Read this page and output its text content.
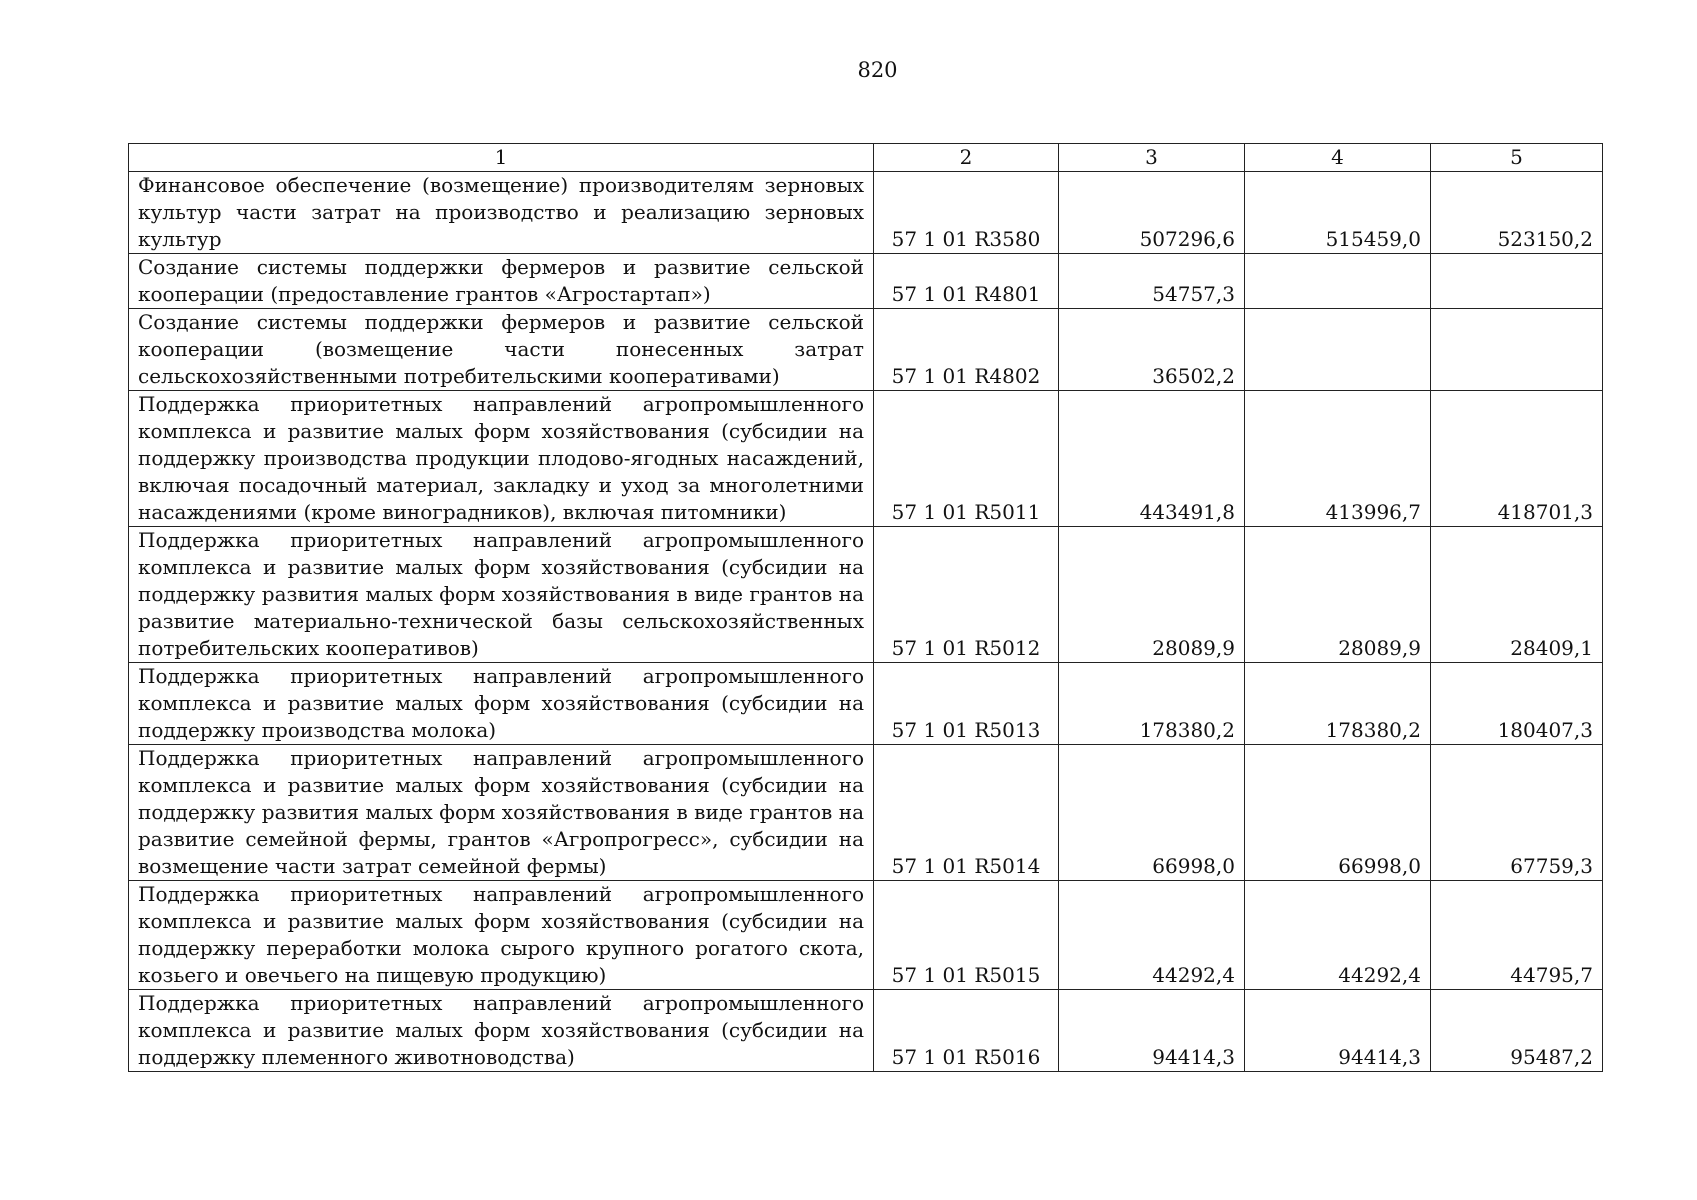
820
1	2	3	4	5
Финансовое обеспечение (возмещение) производителям зерновых культур части затрат на производство и реализацию зерновых культур	57 1 01 R3580	507296,6	515459,0	523150,2
Создание системы поддержки фермеров и развитие сельской кооперации (предоставление грантов «Агростартап»)	57 1 01 R4801	54757,3		
Создание системы поддержки фермеров и развитие сельской кооперации (возмещение части понесенных затрат сельскохозяйственными потребительскими кооперативами)	57 1 01 R4802	36502,2		
Поддержка приоритетных направлений агропромышленного комплекса и развитие малых форм хозяйствования (субсидии на поддержку производства продукции плодово-ягодных насаждений, включая посадочный материал, закладку и уход за многолетними насаждениями (кроме виноградников), включая питомники)	57 1 01 R5011	443491,8	413996,7	418701,3
Поддержка приоритетных направлений агропромышленного комплекса и развитие малых форм хозяйствования (субсидии на поддержку развития малых форм хозяйствования в виде грантов на развитие материально-технической базы сельскохозяйственных потребительских кооперативов)	57 1 01 R5012	28089,9	28089,9	28409,1
Поддержка приоритетных направлений агропромышленного комплекса и развитие малых форм хозяйствования (субсидии на поддержку производства молока)	57 1 01 R5013	178380,2	178380,2	180407,3
Поддержка приоритетных направлений агропромышленного комплекса и развитие малых форм хозяйствования (субсидии на поддержку развития малых форм хозяйствования в виде грантов на развитие семейной фермы, грантов «Агропрогресс», субсидии на возмещение части затрат семейной фермы)	57 1 01 R5014	66998,0	66998,0	67759,3
Поддержка приоритетных направлений агропромышленного комплекса и развитие малых форм хозяйствования (субсидии на поддержку переработки молока сырого крупного рогатого скота, козьего и овечьего на пищевую продукцию)	57 1 01 R5015	44292,4	44292,4	44795,7
Поддержка приоритетных направлений агропромышленного комплекса и развитие малых форм хозяйствования (субсидии на поддержку племенного животноводства)	57 1 01 R5016	94414,3	94414,3	95487,2
